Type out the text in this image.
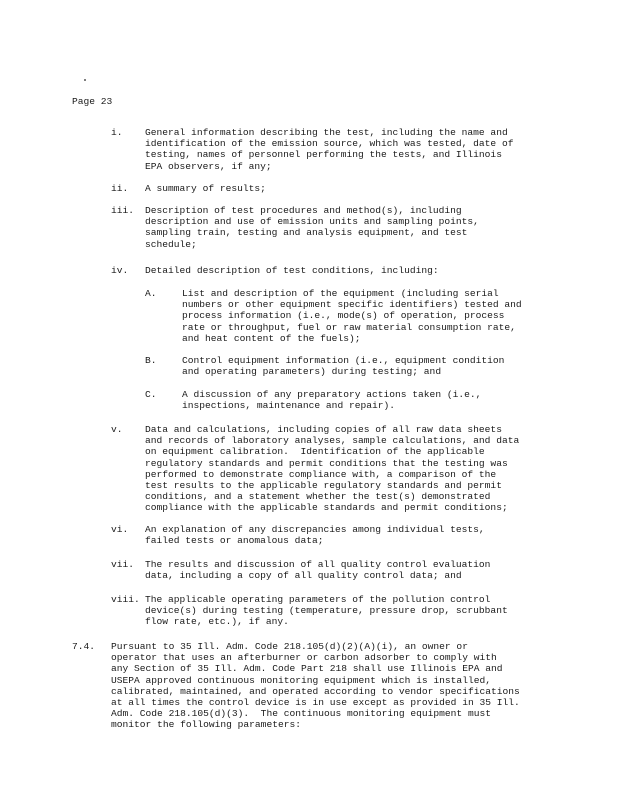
Page 23
i. General information describing the test, including the name and
identification of the emission source, which was tested, date of
testing, names of personnel performing the tests, and Illinois
EPA observers, if any;
ii. A summary of results;
iii. Description of test procedures and method(s), including
description and use of emission units and sampling points,
sampling train, testing and analysis equipment, and test
schedule;
iv. Detailed description of test conditions, including:
A.	List and description of the equipment (including serial
numbers or other equipment specific identifiers) tested and
process information (i.e., mode(s) of operation, process
rate or throughput, fuel or raw material consumption rate,
and heat content of the fuels);
B.	Control equipment information (i.e., equipment condition
and operating parameters) during testing; and
C.	A discussion of any preparatory actions taken (i.e.,
inspections, maintenance and repair).
v. Data and calculations, including copies of all raw data sheets
and records of laboratory analyses, sample calculations, and data
on equipment calibration.  Identification of the applicable
regulatory standards and permit conditions that the testing was
performed to demonstrate compliance with, a comparison of the
test results to the applicable regulatory standards and permit
conditions, and a statement whether the test(s) demonstrated
compliance with the applicable standards and permit conditions;
vi. An explanation of any discrepancies among individual tests,
failed tests or anomalous data;
vii. The results and discussion of all quality control evaluation
data, including a copy of all quality control data; and
viii. The applicable operating parameters of the pollution control
device(s) during testing (temperature, pressure drop, scrubbant
flow rate, etc.), if any.
7.4. Pursuant to 35 Ill. Adm. Code 218.105(d)(2)(A)(i), an owner or
operator that uses an afterburner or carbon adsorber to comply with
any Section of 35 Ill. Adm. Code Part 218 shall use Illinois EPA and
USEPA approved continuous monitoring equipment which is installed,
calibrated, maintained, and operated according to vendor specifications
at all times the control device is in use except as provided in 35 Ill.
Adm. Code 218.105(d)(3).  The continuous monitoring equipment must
monitor the following parameters:
